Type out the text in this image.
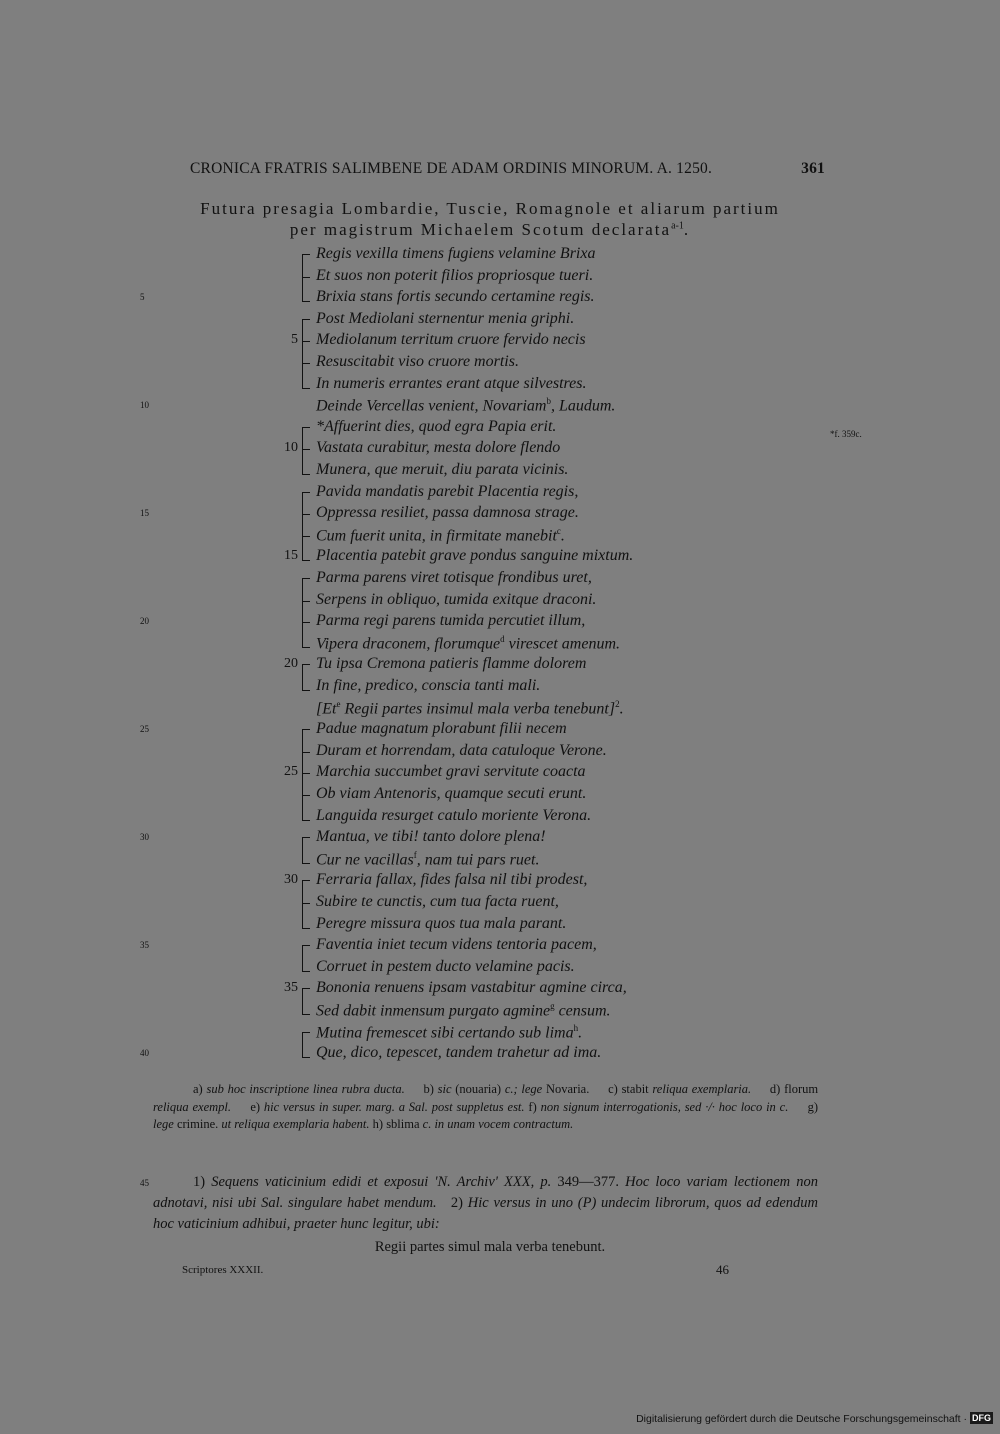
CRONICA FRATRIS SALIMBENE DE ADAM ORDINIS MINORUM. A. 1250.	361
Futura presagia Lombardie, Tuscie, Romagnole et aliarum partium
per magistrum Michaelem Scotum declarata$^{a-1}$.
*f. 359c.
5
10
15
20
25
30
35
40
5
10
15
20
25
30
35
Regis vexilla timens fugiens velamine Brixa
Et suos non poterit filios propriosque tueri.
Brixia stans fortis secundo certamine regis.
Post Mediolani sternentur menia griphi.
Mediolanum territum cruore fervido necis
Resuscitabit viso cruore mortis.
In numeris errantes erant atque silvestres.
Deinde Vercellas venient, Novariam$^b$, Laudum.
*Affuerint dies, quod egra Papia erit.
Vastata curabitur, mesta dolore flendo
Munera, que meruit, diu parata vicinis.
Pavida mandatis parebit Placentia regis,
Oppressa resiliet, passa damnosa strage.
Cum fuerit unita, in firmitate manebit$^c$.
Placentia patebit grave pondus sanguine mixtum.
Parma parens viret totisque frondibus uret,
Serpens in obliquo, tumida exitque draconi.
Parma regi parens tumida percutiet illum,
Vipera draconem, florumque$^d$ virescet amenum.
Tu ipsa Cremona patieris flamme dolorem
In fine, predico, conscia tanti mali.
[Et$^e$ Regii partes insimul mala verba tenebunt]$^2$.
Padue magnatum plorabunt filii necem
Duram et horrendam, data catuloque Verone.
Marchia succumbet gravi servitute coacta
Ob viam Antenoris, quamque secuti erunt.
Languida resurget catulo moriente Verona.
Mantua, ve tibi! tanto dolore plena!
Cur ne vacillas$^f$, nam tui pars ruet.
Ferraria fallax, fides falsa nil tibi prodest,
Subire te cunctis, cum tua facta ruent,
Peregre missura quos tua mala parant.
Faventia iniet tecum videns tentoria pacem,
Corruet in pestem ducto velamine pacis.
Bononia renuens ipsam vastabitur agmine circa,
Sed dabit inmensum purgato agmine$^g$ censum.
Mutina fremescet sibi certando sub lima$^h$.
Que, dico, tepescet, tandem trahetur ad ima.
a) sub hoc inscriptione linea rubra ducta. b) sic (nouaria) c.; lege Novaria. c) stabit reliqua exemplaria. d) florum reliqua exempl. e) hic versus in super. marg. a Sal. post suppletus est. f) non signum interrogationis, sed ·/· hoc loco in c. g) lege crimine. ut reliqua exemplaria habent. h) sblima c. in unam vocem contractum.
45	1) Sequens vaticinium edidi et exposui 'N. Archiv' XXX, p. 349—377. Hoc loco variam lectionem non adnotavi, nisi ubi Sal. singulare habet mendum. 2) Hic versus in uno (P) undecim librorum, quos ad edendum hoc vaticinium adhibui, praeter hunc legitur, ubi:
Regii partes simul mala verba tenebunt.
Scriptores XXXII.	46
Digitalisierung gefördert durch die Deutsche Forschungsgemeinschaft · DFG
